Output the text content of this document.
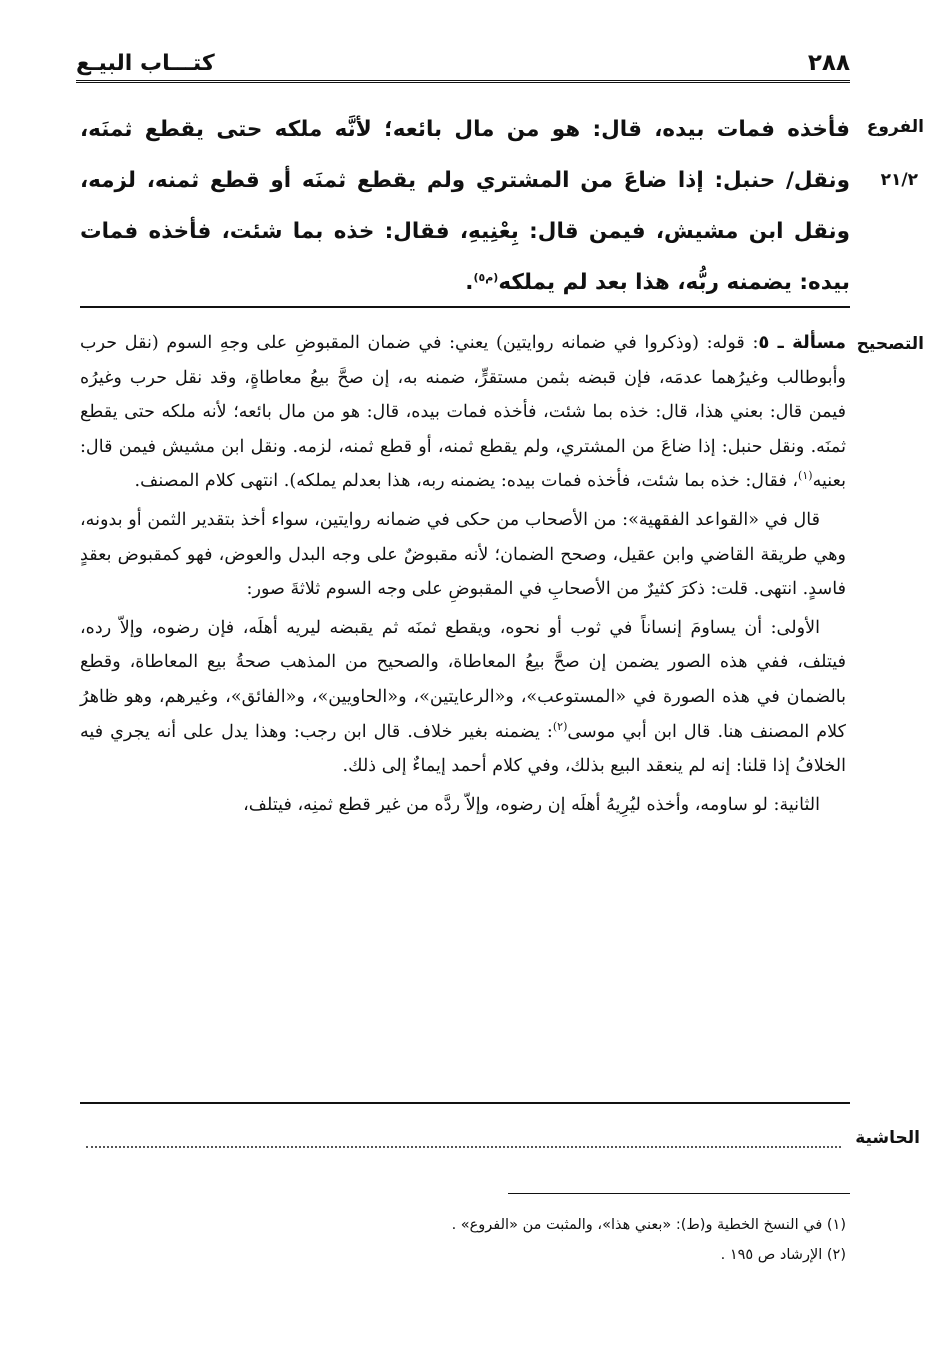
٢٨٨
كتـــاب البيـع
الفروع
٢١/٢

فأخذه فمات بيده، قال: هو من مال بائعه؛ لأنَّه ملكه حتى يقطع ثمنَه، ونقل/ حنبل: إذا ضاعَ من المشتري ولم يقطع ثمنَه أو قطع ثمنه، لزمه، ونقل ابن مشيش، فيمن قال: بِعْنِيهِ، فقال: خذه بما شئت، فأخذه فمات بيده: يضمنه ربُّه، هذا بعد لم يملكه$^{(م٥)}$.

التصحيح

مسألة ـ ٥: قوله: (وذكروا في ضمانه روايتين) يعني: في ضمان المقبوضِ على وجهِ السوم (نقل حرب وأبوطالب وغيرُهما عدمَه، فإن قبضه بثمن مستقرٍّ، ضمنه به، إن صحَّ بيعُ معاطاةٍ، وقد نقل حرب وغيرُه فيمن قال: بعني هذا، قال: خذه بما شئت، فأخذه فمات بيده، قال: هو من مال بائعه؛ لأنه ملكه حتى يقطع ثمنَه. ونقل حنبل: إذا ضاعَ من المشتري، ولم يقطع ثمنه، أو قطع ثمنه، لزمه. ونقل ابن مشيش فيمن قال: بعنيه$^{(١)}$، فقال: خذه بما شئت، فأخذه فمات بيده: يضمنه ربه، هذا بعدلم يملكه). انتهى كلام المصنف.

قال في «القواعد الفقهية»: من الأصحاب من حكى في ضمانه روايتين، سواء أخذ بتقدير الثمن أو بدونه، وهي طريقة القاضي وابن عقيل، وصحح الضمان؛ لأنه مقبوضٌ على وجه البدل والعوض، فهو كمقبوض بعقدٍ فاسدٍ. انتهى. قلت: ذكرَ كثيرٌ من الأصحابِ في المقبوضِ على وجه السوم ثلاثةَ صور:

الأولى: أن يساومَ إنساناً في ثوب أو نحوه، ويقطع ثمنَه ثم يقبضه ليريه أهلَه، فإن رضوه، وإلاّ رده، فيتلف، ففي هذه الصور يضمن إن صحَّ بيعُ المعاطاة، والصحيح من المذهب صحةُ بيع المعاطاة، وقطع بالضمان في هذه الصورة في «المستوعب»، و«الرعايتين»، و«الحاويين»، و«الفائق»، وغيرهم، وهو ظاهرُ كلام المصنف هنا. قال ابن أبي موسى$^{(٢)}$: يضمنه بغير خلاف. قال ابن رجب: وهذا يدل على أنه يجري فيه الخلافُ إذا قلنا: إنه لم ينعقد البيع بذلك، وفي كلام أحمد إيماءٌ إلى ذلك.

الثانية: لو ساومه، وأخذه ليُرِيهُ أهلَه إن رضوه، وإلاّ ردَّه من غير قطع ثمنِه، فيتلف،

الحاشية
(١) في النسخ الخطية و(ط): «بعني هذا»، والمثبت من «الفروع» .
(٢) الإرشاد ص ١٩٥ .
